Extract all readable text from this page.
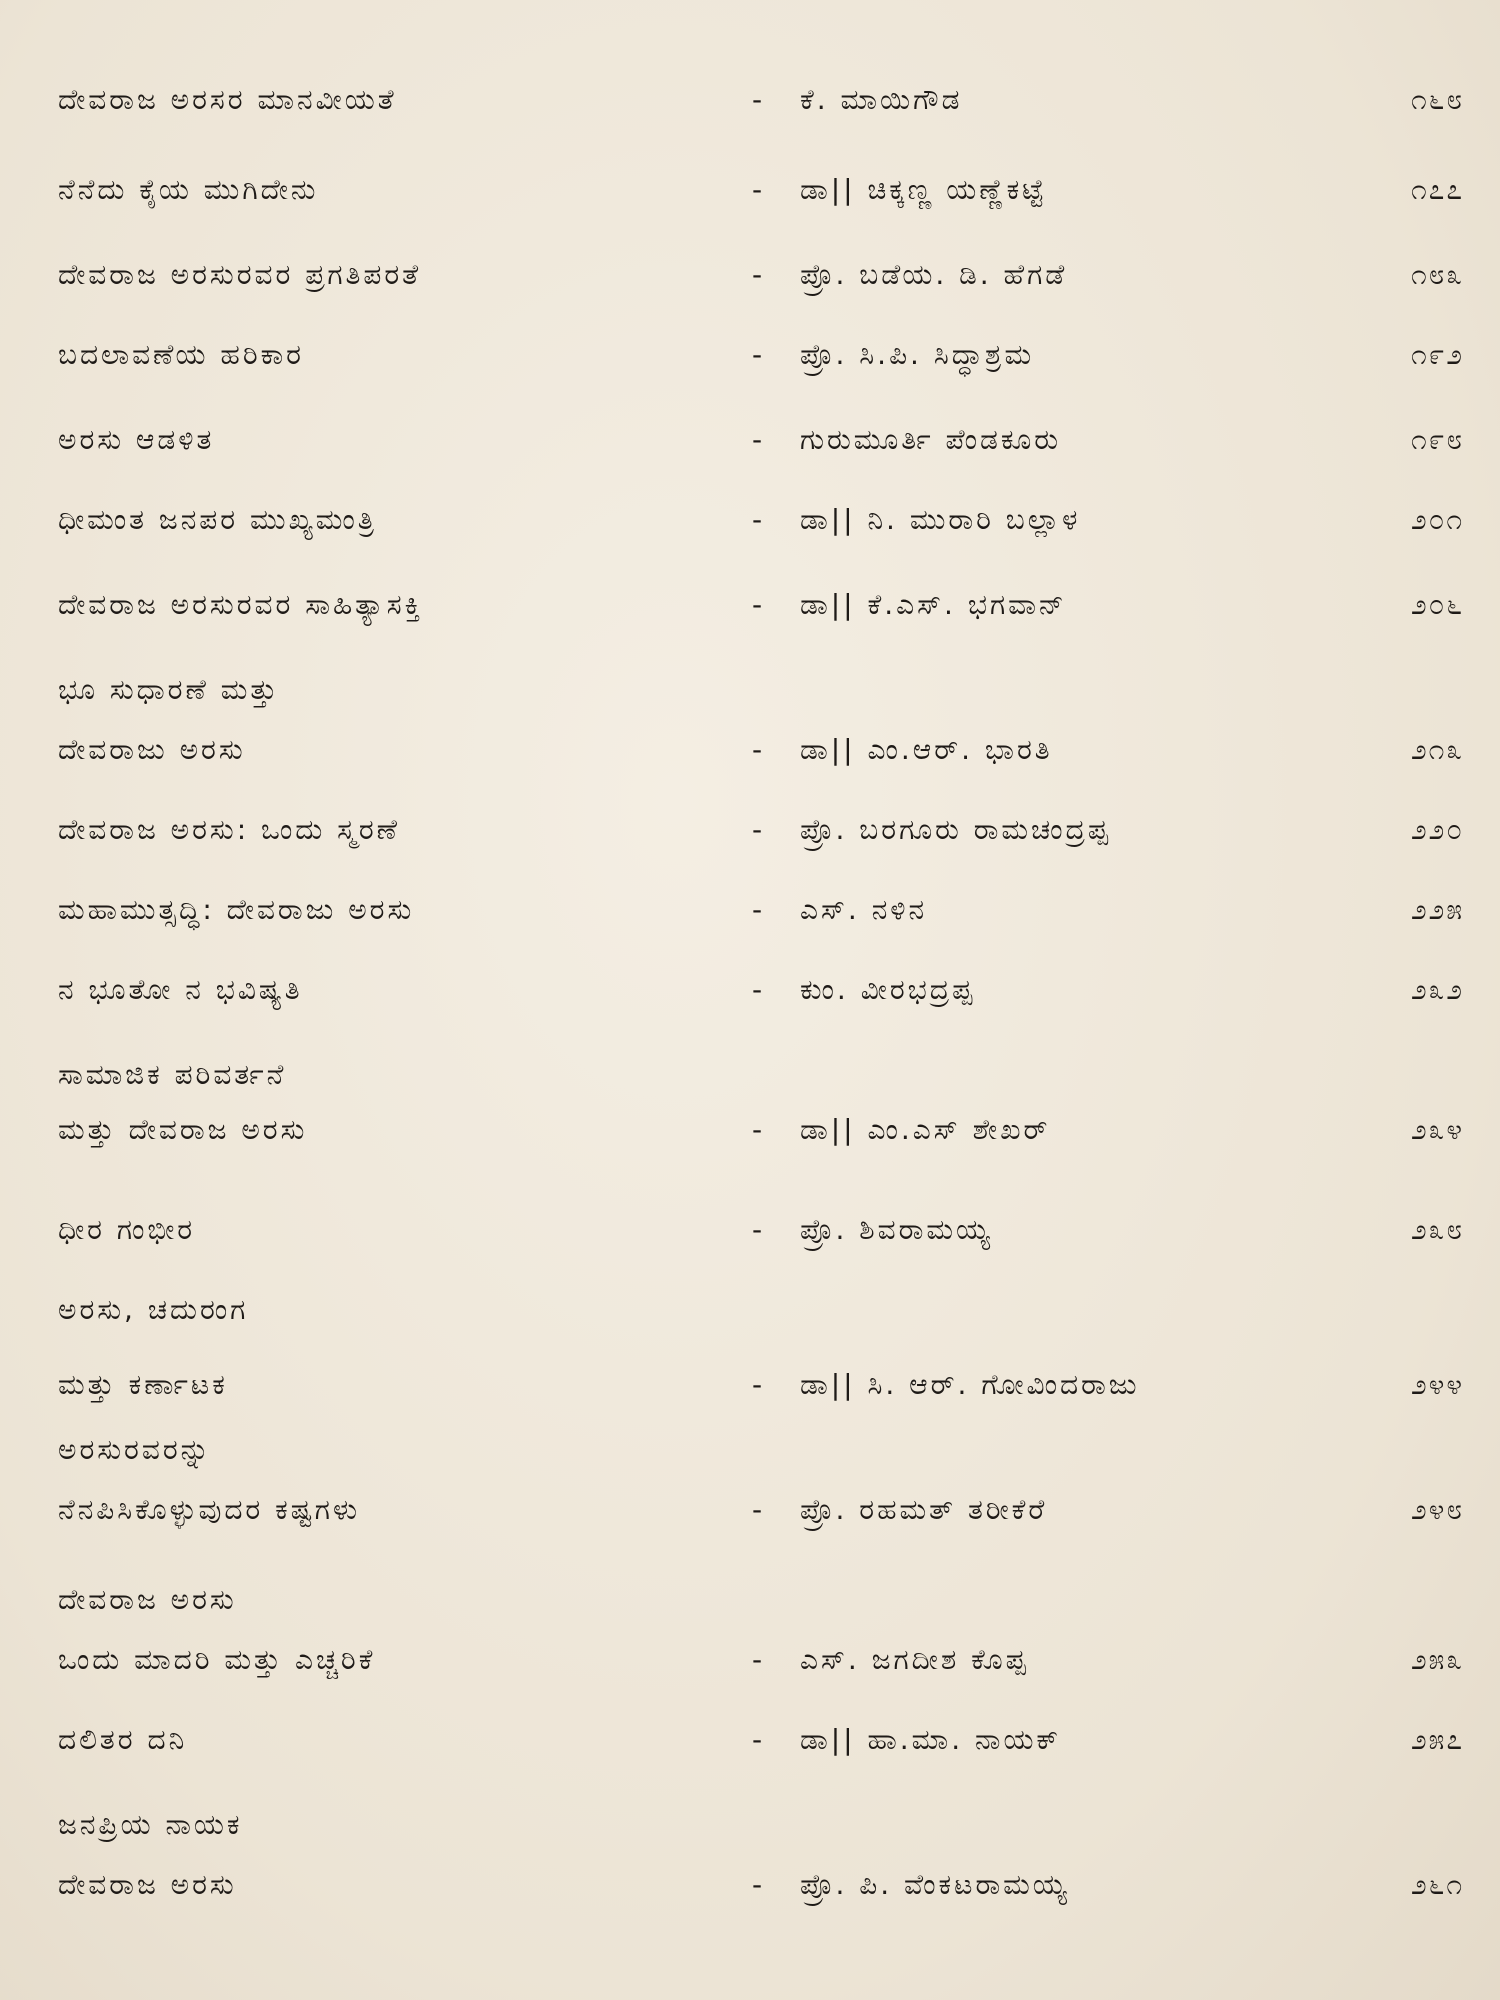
ದೇವರಾಜ ಅರಸರ ಮಾನವೀಯತೆ	- ಕೆ. ಮಾಯಿಗೌಡ	೧೬೮
ನೆನೆದು ಕೈಯ ಮುಗಿದೇನು	- ಡಾ|| ಚಿಕ್ಕಣ್ಣ ಯಣ್ಣೆಕಟ್ಟೆ	೧೭೭
ದೇವರಾಜ ಅರಸುರವರ ಪ್ರಗತಿಪರತೆ	- ಪ್ರೊ. ಬಡೆಯ. ಡಿ. ಹೆಗಡೆ	೧೮೩
ಬದಲಾವಣೆಯ ಹರಿಕಾರ	- ಪ್ರೊ. ಸಿ.ಪಿ. ಸಿದ್ಧಾಶ್ರಮ	೧೯೨
ಅರಸು ಆಡಳಿತ	- ಗುರುಮೂರ್ತಿ ಪೆಂಡಕೂರು	೧೯೮
ಧೀಮಂತ ಜನಪರ ಮುಖ್ಯಮಂತ್ರಿ	- ಡಾ|| ನಿ. ಮುರಾರಿ ಬಲ್ಲಾಳ	೨೦೧
ದೇವರಾಜ ಅರಸುರವರ ಸಾಹಿತ್ಯಾಸಕ್ತಿ	- ಡಾ|| ಕೆ.ಎಸ್. ಭಗವಾನ್	೨೦೬
ಭೂ ಸುಧಾರಣೆ ಮತ್ತು
ದೇವರಾಜು ಅರಸು	- ಡಾ|| ಎಂ.ಆರ್. ಭಾರತಿ	೨೧೩
ದೇವರಾಜ ಅರಸು: ಒಂದು ಸ್ಮರಣೆ	- ಪ್ರೊ. ಬರಗೂರು ರಾಮಚಂದ್ರಪ್ಪ	೨೨೦
ಮಹಾಮುತ್ಸದ್ಧಿ: ದೇವರಾಜು ಅರಸು	- ಎಸ್. ನಳಿನ	೨೨೫
ನ ಭೂತೋ ನ ಭವಿಷ್ಯತಿ	- ಕುಂ. ವೀರಭದ್ರಪ್ಪ	೨೩೨
ಸಾಮಾಜಿಕ ಪರಿವರ್ತನೆ
ಮತ್ತು ದೇವರಾಜ ಅರಸು	- ಡಾ|| ಎಂ.ಎಸ್ ಶೇಖರ್	೨೩೪
ಧೀರ ಗಂಭೀರ	- ಪ್ರೊ. ಶಿವರಾಮಯ್ಯ	೨೩೮
ಅರಸು, ಚದುರಂಗ
ಮತ್ತು ಕರ್ಣಾಟಕ	- ಡಾ|| ಸಿ. ಆರ್. ಗೋವಿಂದರಾಜು	೨೪೪
ಅರಸುರವರನ್ನು
ನೆನಪಿಸಿಕೊಳ್ಳುವುದರ ಕಷ್ಟಗಳು	- ಪ್ರೊ. ರಹಮತ್ ತರೀಕೆರೆ	೨೪೮
ದೇವರಾಜ ಅರಸು
ಒಂದು ಮಾದರಿ ಮತ್ತು ಎಚ್ಚರಿಕೆ	- ಎಸ್. ಜಗದೀಶ ಕೊಪ್ಪ	೨೫೩
ದಲಿತರ ದನಿ	- ಡಾ|| ಹಾ.ಮಾ. ನಾಯಕ್	೨೫೭
ಜನಪ್ರಿಯ ನಾಯಕ
ದೇವರಾಜ ಅರಸು	- ಪ್ರೊ. ಪಿ. ವೆಂಕಟರಾಮಯ್ಯ	೨೬೧
